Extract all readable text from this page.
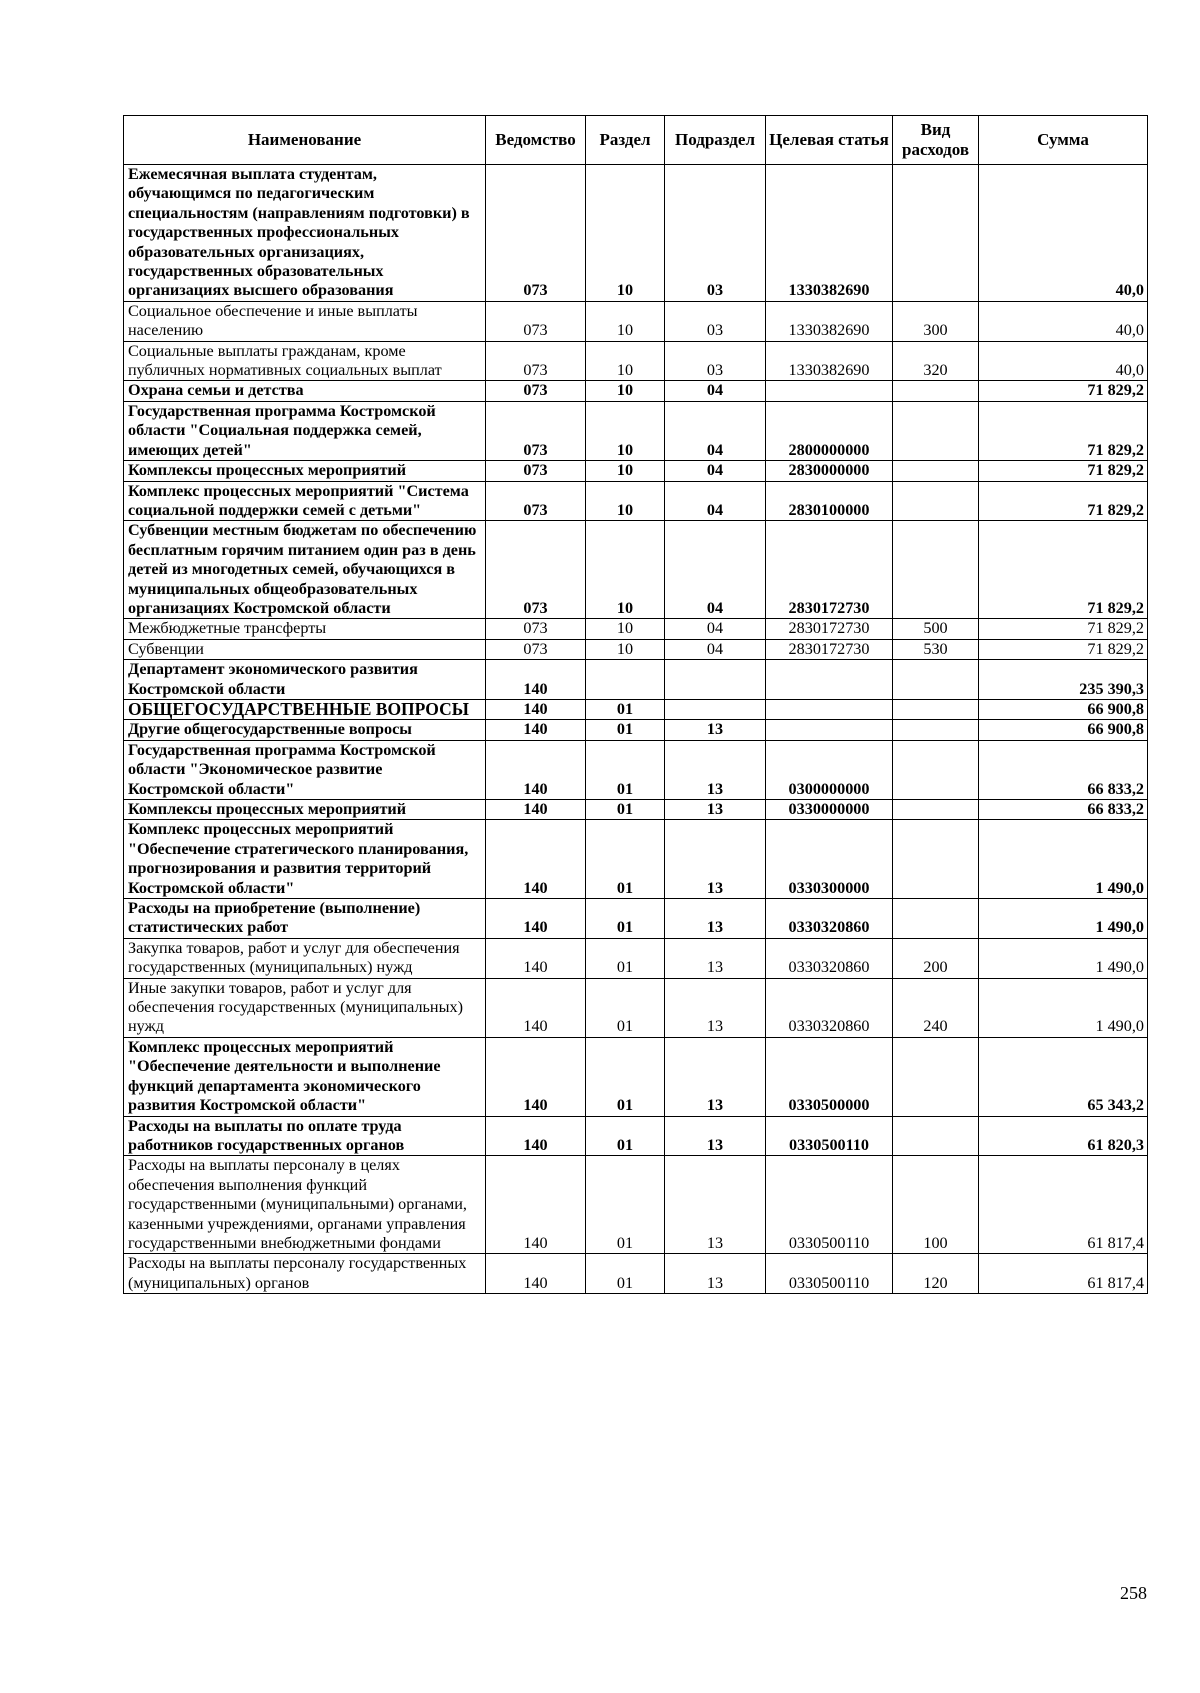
Наименование	Ведомство	Раздел	Подраздел	Целевая статья	Вид расходов	Сумма
Ежемесячная выплата студентам, обучающимся по педагогическим специальностям (направлениям подготовки) в государственных профессиональных образовательных организациях, государственных образовательных организациях высшего образования	073	10	03	1330382690		40,0
Социальное обеспечение и иные выплаты населению	073	10	03	1330382690	300	40,0
Социальные выплаты гражданам, кроме публичных нормативных социальных выплат	073	10	03	1330382690	320	40,0
Охрана семьи и детства	073	10	04			71 829,2
Государственная программа Костромской области "Социальная поддержка семей, имеющих детей"	073	10	04	2800000000		71 829,2
Комплексы процессных мероприятий	073	10	04	2830000000		71 829,2
Комплекс процессных мероприятий "Система социальной поддержки семей с детьми"	073	10	04	2830100000		71 829,2
Субвенции местным бюджетам по обеспечению бесплатным горячим питанием один раз в день детей из многодетных семей, обучающихся в муниципальных общеобразовательных организациях Костромской области	073	10	04	2830172730		71 829,2
Межбюджетные трансферты	073	10	04	2830172730	500	71 829,2
Субвенции	073	10	04	2830172730	530	71 829,2
Департамент экономического развития Костромской области	140					235 390,3
ОБЩЕГОСУДАРСТВЕННЫЕ ВОПРОСЫ	140	01				66 900,8
Другие общегосударственные вопросы	140	01	13			66 900,8
Государственная программа Костромской области "Экономическое развитие Костромской области"	140	01	13	0300000000		66 833,2
Комплексы процессных мероприятий	140	01	13	0330000000		66 833,2
Комплекс процессных мероприятий "Обеспечение стратегического планирования, прогнозирования и развития территорий Костромской области"	140	01	13	0330300000		1 490,0
Расходы на приобретение (выполнение) статистических работ	140	01	13	0330320860		1 490,0
Закупка товаров, работ и услуг для обеспечения государственных (муниципальных) нужд	140	01	13	0330320860	200	1 490,0
Иные закупки товаров, работ и услуг для обеспечения государственных (муниципальных) нужд	140	01	13	0330320860	240	1 490,0
Комплекс процессных мероприятий "Обеспечение деятельности и выполнение функций департамента экономического развития Костромской области"	140	01	13	0330500000		65 343,2
Расходы на выплаты по оплате труда работников государственных органов	140	01	13	0330500110		61 820,3
Расходы на выплаты персоналу в целях обеспечения выполнения функций государственными (муниципальными) органами, казенными учреждениями, органами управления государственными внебюджетными фондами	140	01	13	0330500110	100	61 817,4
Расходы на выплаты персоналу государственных (муниципальных) органов	140	01	13	0330500110	120	61 817,4
258
